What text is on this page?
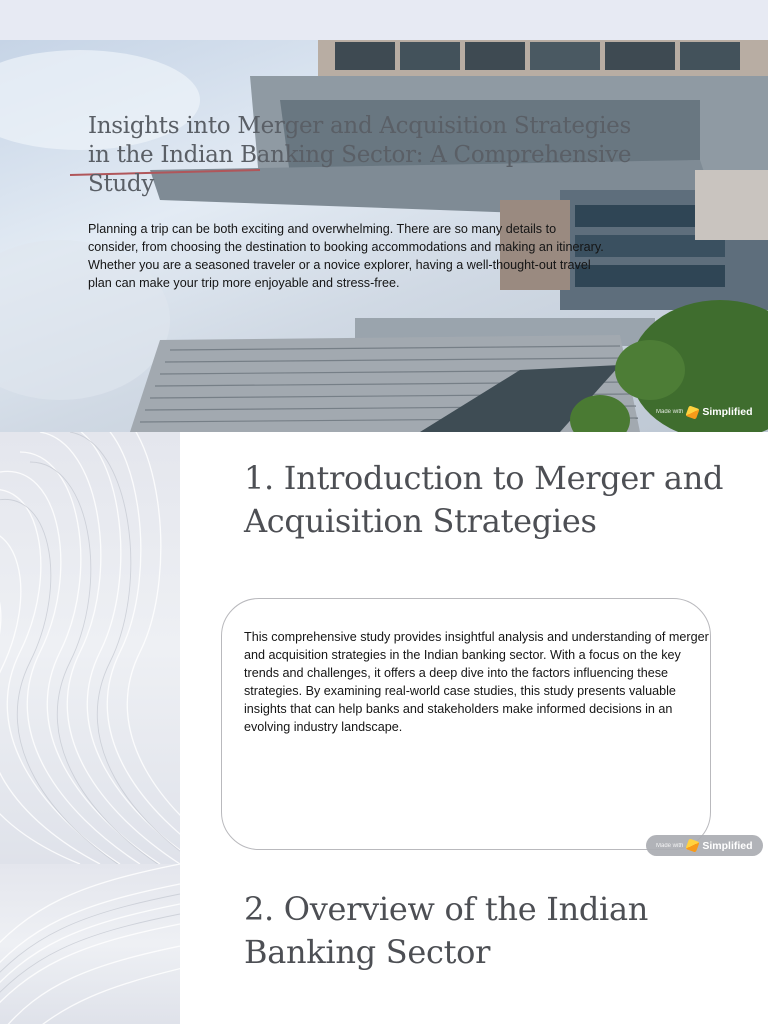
Insights into Merger and Acquisition Strategies in the Indian Banking Sector: A Comprehensive Study

Planning a trip can be both exciting and overwhelming. There are so many details to consider, from choosing the destination to booking accommodations and making an itinerary. Whether you are a seasoned traveler or a novice explorer, having a well-thought-out travel plan can make your trip more enjoyable and stress-free.

Made with Simplified
1. Introduction to Merger and Acquisition Strategies

This comprehensive study provides insightful analysis and understanding of merger and acquisition strategies in the Indian banking sector. With a focus on the key trends and challenges, it offers a deep dive into the factors influencing these strategies. By examining real-world case studies, this study presents valuable insights that can help banks and stakeholders make informed decisions in an evolving industry landscape.

Made with Simplified
2. Overview of the Indian Banking Sector
